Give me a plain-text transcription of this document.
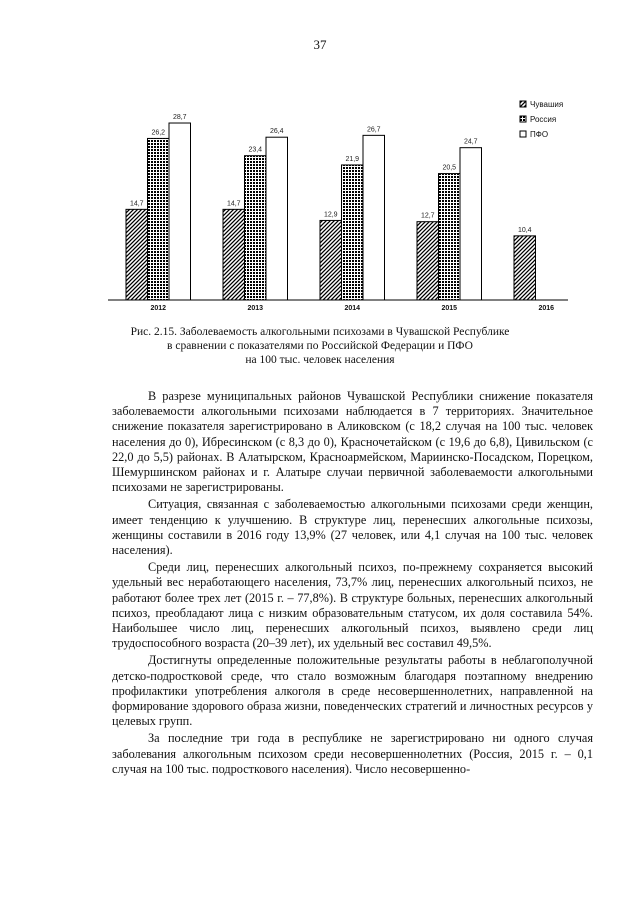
37
14,7
26,2
28,7
14,7
23,4
26,4
12,9
21,9
26,7
12,7
20,5
24,7
10,4
2012	2013	2014	2015	2016
Чувашия
Россия
ПФО
Рис. 2.15. Заболеваемость алкогольными психозами в Чувашской Республике
в сравнении с показателями по Российской Федерации и ПФО
на 100 тыс. человек населения

В разрезе муниципальных районов Чувашской Республики снижение показателя заболеваемости алкогольными психозами наблюдается в 7 территориях. Значительное снижение показателя зарегистрировано в Аликовском (с 18,2 случая на 100 тыс. человек населения до 0), Ибресинском (с 8,3 до 0), Красночетайском (с 19,6 до 6,8), Цивильском (с 22,0 до 5,5) районах. В Алатырском, Красноармейском, Мариинско-Посадском, Порецком, Шемуршинском районах и г. Алатыре случаи первичной заболеваемости алкогольными психозами не зарегистрированы.

Ситуация, связанная с заболеваемостью алкогольными психозами среди женщин, имеет тенденцию к улучшению. В структуре лиц, перенесших алкогольные психозы, женщины составили в 2016 году 13,9% (27 человек, или 4,1 случая на 100 тыс. человек населения).

Среди лиц, перенесших алкогольный психоз, по-прежнему сохраняется высокий удельный вес неработающего населения, 73,7% лиц, перенесших алкогольный психоз, не работают более трех лет (2015 г. – 77,8%). В структуре больных, перенесших алкогольный психоз, преобладают лица с низким образовательным статусом, их доля составила 54%. Наибольшее число лиц, перенесших алкогольный психоз, выявлено среди лиц трудоспособного возраста (20–39 лет), их удельный вес составил 49,5%.

Достигнуты определенные положительные результаты работы в неблагополучной детско-подростковой среде, что стало возможным благодаря поэтапному внедрению профилактики употребления алкоголя в среде несовершеннолетних, направленной на формирование здорового образа жизни, поведенческих стратегий и личностных ресурсов у целевых групп.

За последние три года в республике не зарегистрировано ни одного случая заболевания алкогольным психозом среди несовершеннолетних (Россия, 2015 г. – 0,1 случая на 100 тыс. подросткового населения). Число несовершенно-
